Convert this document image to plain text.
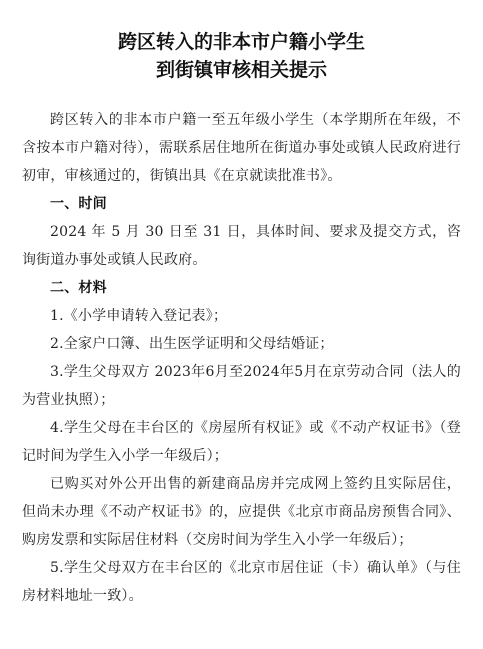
跨区转入的非本市户籍小学生
到街镇审核相关提示

跨区转入的非本市户籍一至五年级小学生（本学期所在年级，不含按本市户籍对待），需联系居住地所在街道办事处或镇人民政府进行初审，审核通过的，街镇出具《在京就读批准书》。

一、时间

2024 年 5 月 30 日至 31 日，具体时间、要求及提交方式，咨询街道办事处或镇人民政府。

二、材料

1.《小学申请转入登记表》；

2.全家户口簿、出生医学证明和父母结婚证；

3.学生父母双方 2023年6月至2024年5月在京劳动合同（法人的为营业执照）；

4.学生父母在丰台区的《房屋所有权证》或《不动产权证书》（登记时间为学生入小学一年级后）；

已购买对外公开出售的新建商品房并完成网上签约且实际居住，但尚未办理《不动产权证书》的，应提供《北京市商品房预售合同》、购房发票和实际居住材料（交房时间为学生入小学一年级后）；

5.学生父母双方在丰台区的《北京市居住证（卡）确认单》（与住房材料地址一致）。
